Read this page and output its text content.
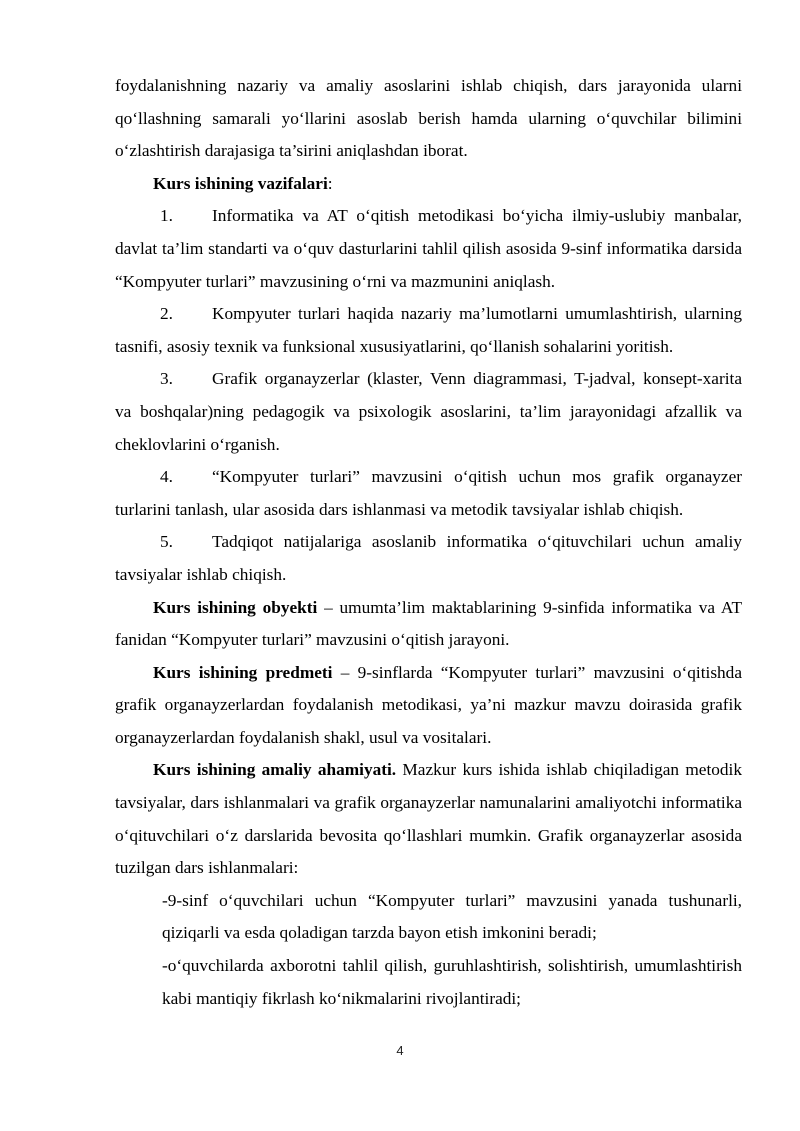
foydalanishning nazariy va amaliy asoslarini ishlab chiqish, dars jarayonida ularni qo‘llashning samarali yo‘llarini asoslab berish hamda ularning o‘quvchilar bilimini o‘zlashtirish darajasiga ta’sirini aniqlashdan iborat.

Kurs ishining vazifalari:

1. Informatika va AT o‘qitish metodikasi bo‘yicha ilmiy-uslubiy manbalar, davlat ta’lim standarti va o‘quv dasturlarini tahlil qilish asosida 9-sinf informatika darsida “Kompyuter turlari” mavzusining o‘rni va mazmunini aniqlash.

2. Kompyuter turlari haqida nazariy ma’lumotlarni umumlashtirish, ularning tasnifi, asosiy texnik va funksional xususiyatlarini, qo‘llanish sohalarini yoritish.

3. Grafik organayzerlar (klaster, Venn diagrammasi, T-jadval, konsept-xarita va boshqalar)ning pedagogik va psixologik asoslarini, ta’lim jarayonidagi afzallik va cheklovlarini o‘rganish.

4. “Kompyuter turlari” mavzusini o‘qitish uchun mos grafik organayzer turlarini tanlash, ular asosida dars ishlanmasi va metodik tavsiyalar ishlab chiqish.

5. Tadqiqot natijalariga asoslanib informatika o‘qituvchilari uchun amaliy tavsiyalar ishlab chiqish.

Kurs ishining obyekti – umumta’lim maktablarining 9-sinfida informatika va AT fanidan “Kompyuter turlari” mavzusini o‘qitish jarayoni.

Kurs ishining predmeti – 9-sinflarda “Kompyuter turlari” mavzusini o‘qitishda grafik organayzerlardan foydalanish metodikasi, ya’ni mazkur mavzu doirasida grafik organayzerlardan foydalanish shakl, usul va vositalari.

Kurs ishining amaliy ahamiyati. Mazkur kurs ishida ishlab chiqiladigan metodik tavsiyalar, dars ishlanmalari va grafik organayzerlar namunalarini amaliyotchi informatika o‘qituvchilari o‘z darslarida bevosita qo‘llashlari mumkin. Grafik organayzerlar asosida tuzilgan dars ishlanmalari:

-9-sinf o‘quvchilari uchun “Kompyuter turlari” mavzusini yanada tushunarli, qiziqarli va esda qoladigan tarzda bayon etish imkonini beradi;

-o‘quvchilarda axborotni tahlil qilish, guruhlashtirish, solishtirish, umumlashtirish kabi mantiqiy fikrlash ko‘nikmalarini rivojlantiradi;

4
